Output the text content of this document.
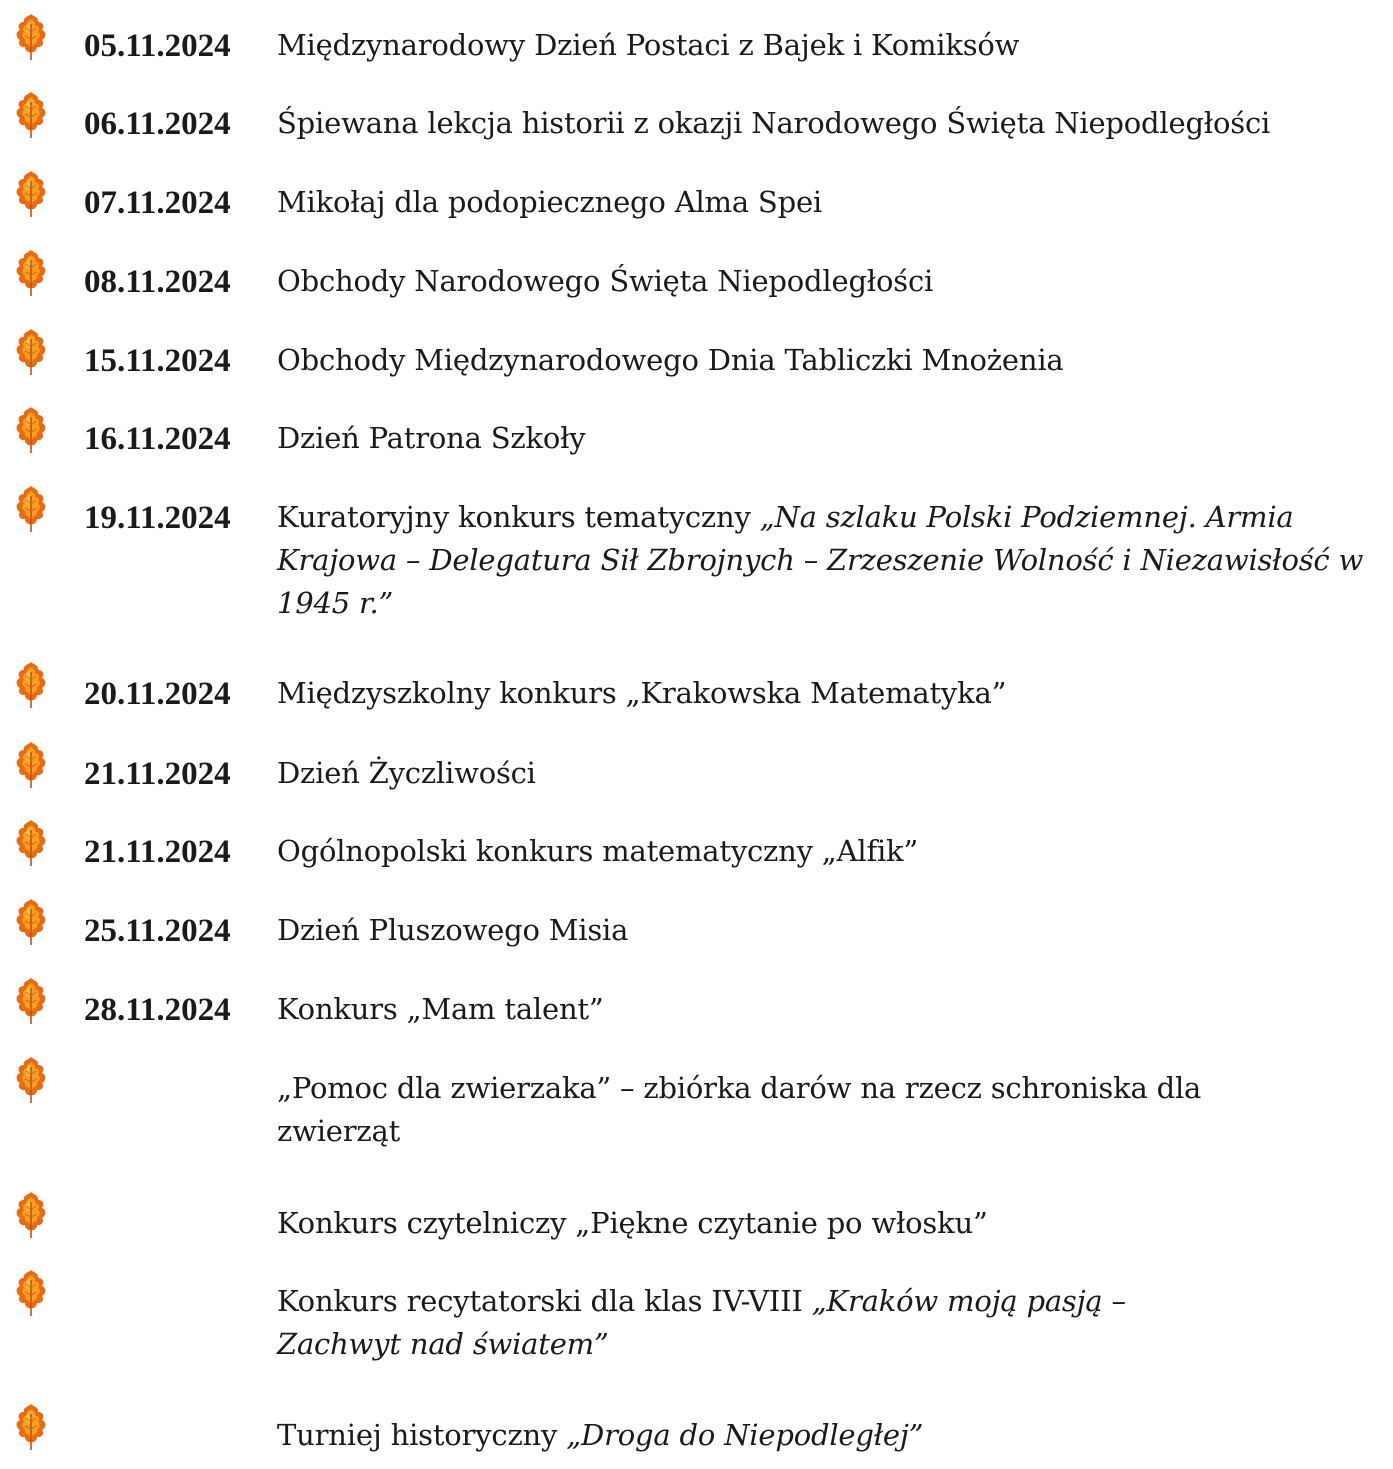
05.11.2024 Międzynarodowy Dzień Postaci z Bajek i Komiksów
06.11.2024 Śpiewana lekcja historii z okazji Narodowego Święta Niepodległości
07.11.2024 Mikołaj dla podopiecznego Alma Spei
08.11.2024 Obchody Narodowego Święta Niepodległości
15.11.2024 Obchody Międzynarodowego Dnia Tabliczki Mnożenia
16.11.2024 Dzień Patrona Szkoły
19.11.2024 Kuratoryjny konkurs tematyczny „Na szlaku Polski Podziemnej. Armia Krajowa – Delegatura Sił Zbrojnych – Zrzeszenie Wolność i Niezawisłość w 1945 r.”
20.11.2024 Międzyszkolny konkurs „Krakowska Matematyka”
21.11.2024 Dzień Życzliwości
21.11.2024 Ogólnopolski konkurs matematyczny „Alfik”
25.11.2024 Dzień Pluszowego Misia
28.11.2024 Konkurs „Mam talent”
„Pomoc dla zwierzaka” – zbiórka darów na rzecz schroniska dla zwierząt
Konkurs czytelniczy „Piękne czytanie po włosku”
Konkurs recytatorski dla klas IV-VIII „Kraków moją pasją – Zachwyt nad światem”
Turniej historyczny „Droga do Niepodległej”
